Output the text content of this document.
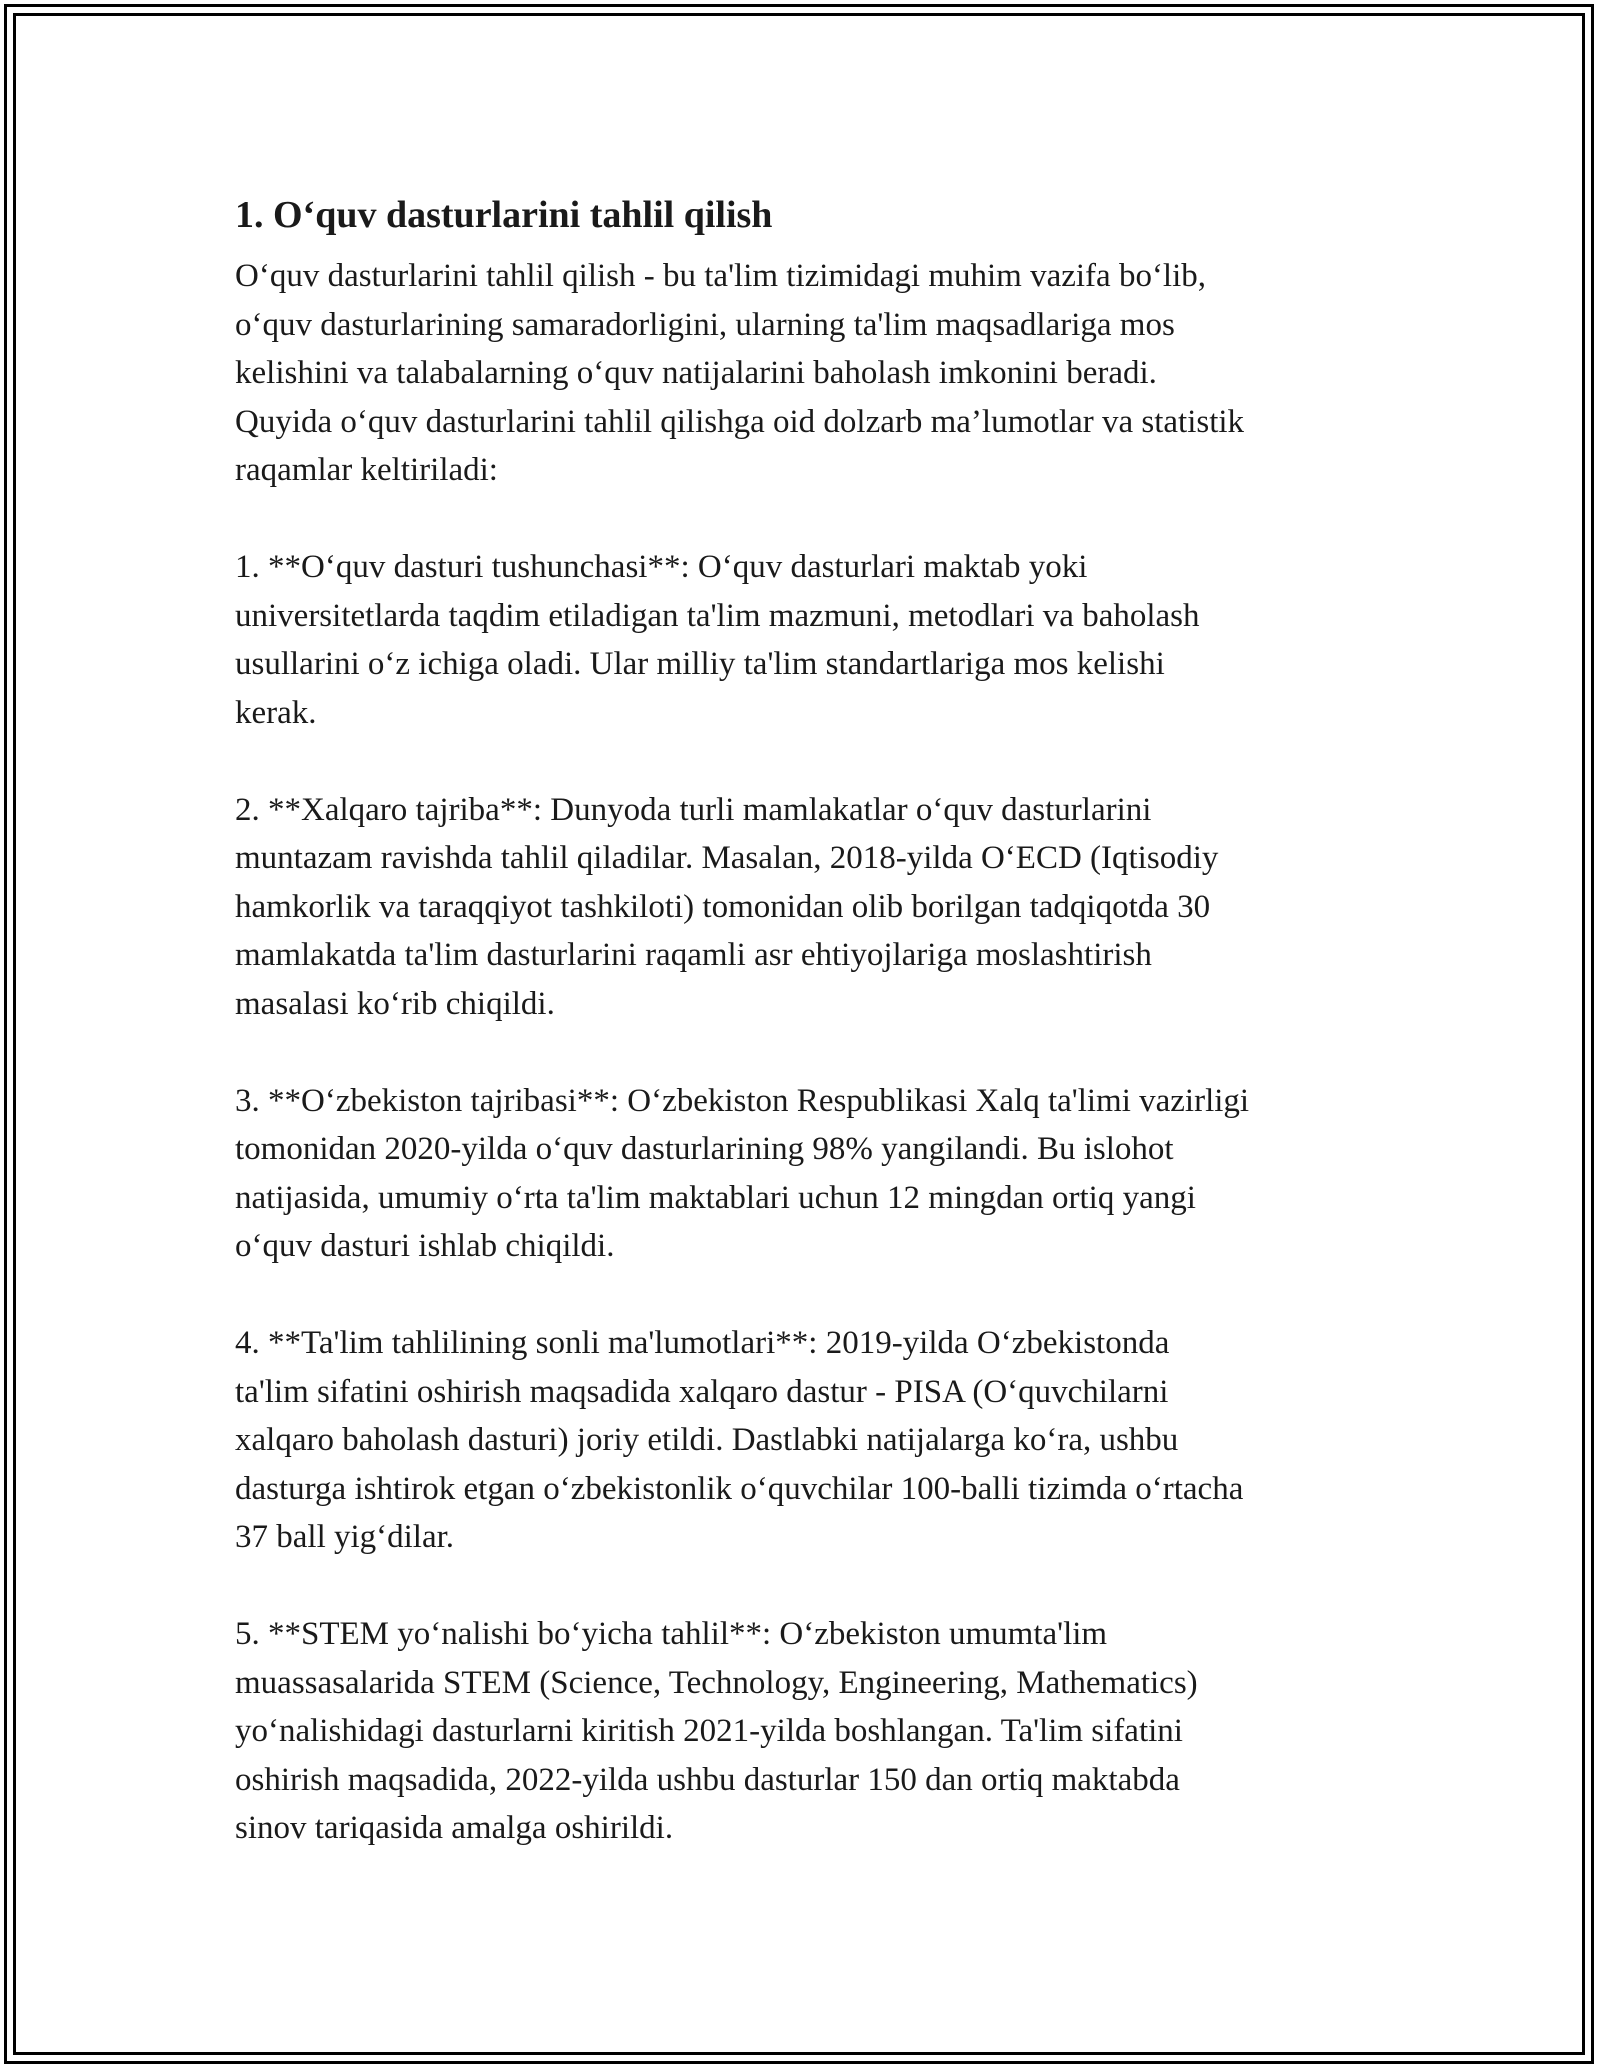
1. O‘quv dasturlarini tahlil qilish
O‘quv dasturlarini tahlil qilish - bu ta'lim tizimidagi muhim vazifa bo‘lib,
o‘quv dasturlarining samaradorligini, ularning ta'lim maqsadlariga mos
kelishini va talabalarning o‘quv natijalarini baholash imkonini beradi.
Quyida o‘quv dasturlarini tahlil qilishga oid dolzarb ma’lumotlar va statistik
raqamlar keltiriladi:
1. **O‘quv dasturi tushunchasi**: O‘quv dasturlari maktab yoki
universitetlarda taqdim etiladigan ta'lim mazmuni, metodlari va baholash
usullarini o‘z ichiga oladi. Ular milliy ta'lim standartlariga mos kelishi
kerak.
2. **Xalqaro tajriba**: Dunyoda turli mamlakatlar o‘quv dasturlarini
muntazam ravishda tahlil qiladilar. Masalan, 2018-yilda O‘ECD (Iqtisodiy
hamkorlik va taraqqiyot tashkiloti) tomonidan olib borilgan tadqiqotda 30
mamlakatda ta'lim dasturlarini raqamli asr ehtiyojlariga moslashtirish
masalasi ko‘rib chiqildi.
3. **O‘zbekiston tajribasi**: O‘zbekiston Respublikasi Xalq ta'limi vazirligi
tomonidan 2020-yilda o‘quv dasturlarining 98% yangilandi. Bu islohot
natijasida, umumiy o‘rta ta'lim maktablari uchun 12 mingdan ortiq yangi
o‘quv dasturi ishlab chiqildi.
4. **Ta'lim tahlilining sonli ma'lumotlari**: 2019-yilda O‘zbekistonda
ta'lim sifatini oshirish maqsadida xalqaro dastur - PISA (O‘quvchilarni
xalqaro baholash dasturi) joriy etildi. Dastlabki natijalarga ko‘ra, ushbu
dasturga ishtirok etgan o‘zbekistonlik o‘quvchilar 100-balli tizimda o‘rtacha
37 ball yig‘dilar.
5. **STEM yo‘nalishi bo‘yicha tahlil**: O‘zbekiston umumta'lim
muassasalarida STEM (Science, Technology, Engineering, Mathematics)
yo‘nalishidagi dasturlarni kiritish 2021-yilda boshlangan. Ta'lim sifatini
oshirish maqsadida, 2022-yilda ushbu dasturlar 150 dan ortiq maktabda
sinov tariqasida amalga oshirildi.
